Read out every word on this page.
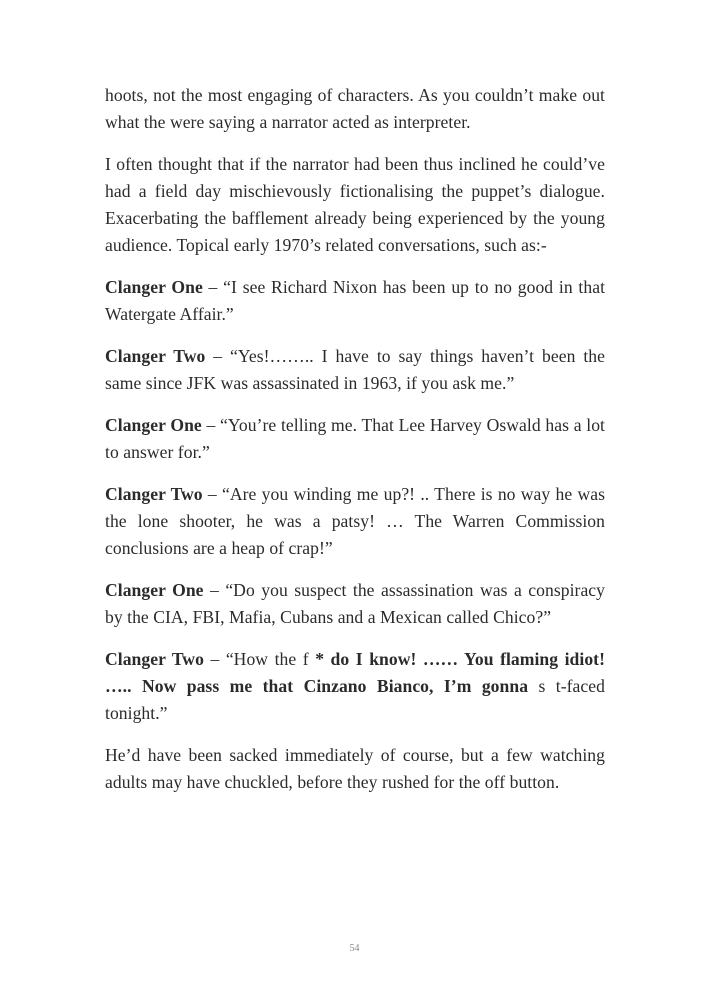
hoots, not the most engaging of characters. As you couldn’t make out what the were saying a narrator acted as interpreter.

I often thought that if the narrator had been thus inclined he could’ve had a field day mischievously fictionalising the puppet’s dialogue. Exacerbating the bafflement already being experienced by the young audience. Topical early 1970’s related conversations, such as:-

Clanger One – “I see Richard Nixon has been up to no good in that Watergate Affair.”

Clanger Two – “Yes!…….. I have to say things haven’t been the same since JFK was assassinated in 1963, if you ask me.”

Clanger One – “You’re telling me. That Lee Harvey Oswald has a lot to answer for.”

Clanger Two – “Are you winding me up?! .. There is no way he was the lone shooter, he was a patsy! … The Warren Commission conclusions are a heap of crap!”

Clanger One – “Do you suspect the assassination was a conspiracy by the CIA, FBI, Mafia, Cubans and a Mexican called Chico?”

Clanger Two – “How the f * do I know! …… You flaming idiot! ….. Now pass me that Cinzano Bianco, I’m gonna s t-faced tonight.”

He’d have been sacked immediately of course, but a few watching adults may have chuckled, before they rushed for the off button.

54
